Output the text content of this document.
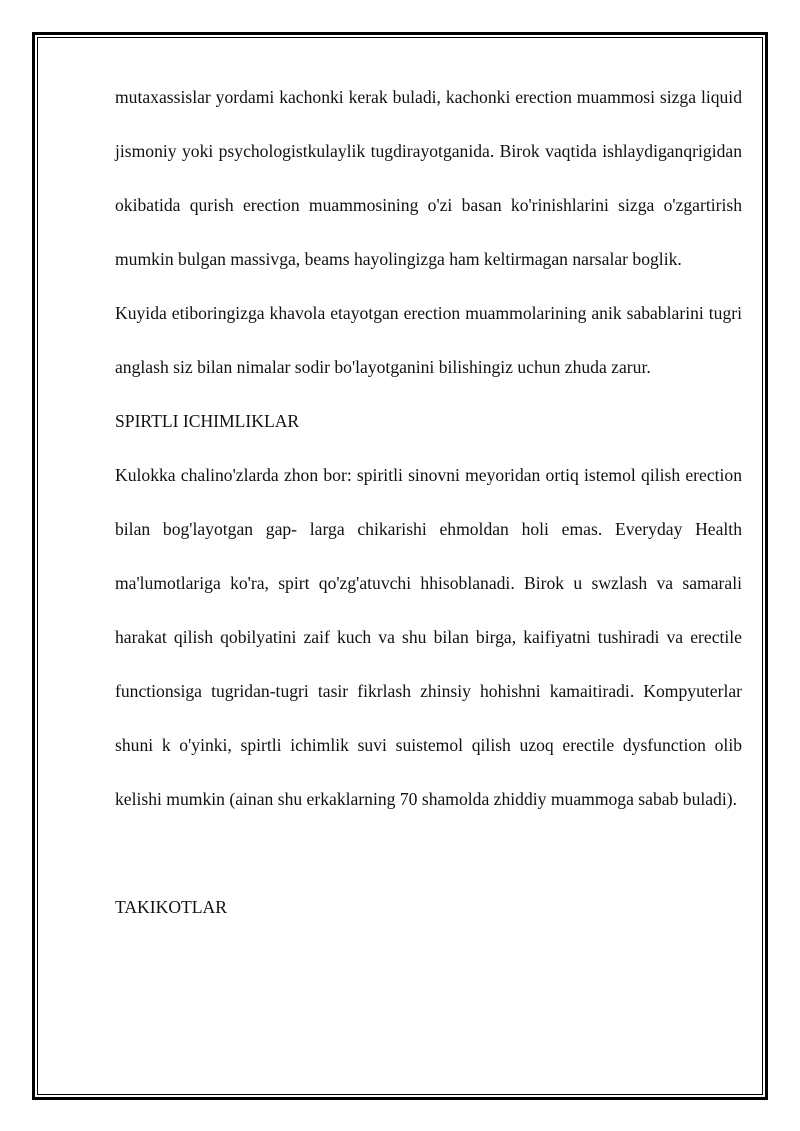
mutaxassislar yordami kachonki kerak buladi, kachonki erection muammosi sizga liquid jismoniy yoki psychologistkulaylik tugdirayotganida. Birok vaqtida ishlaydiganqrigidan okibatida qurish erection muammosining o'zi basan ko'rinishlarini sizga o'zgartirish mumkin bulgan massivga, beams hayolingizga ham keltirmagan narsalar boglik.

Kuyida etiboringizga khavola etayotgan erection muammolarining anik sabablarini tugri anglash siz bilan nimalar sodir bo'layotganini bilishingiz uchun zhuda zarur.

SPIRTLI ICHIMLIKLAR

Kulokka chalino'zlarda zhon bor: spiritli sinovni meyoridan ortiq istemol qilish erection bilan bog'layotgan gap- larga chikarishi ehmoldan holi emas. Everyday Health ma'lumotlariga ko'ra, spirt qo'zg'atuvchi hhisoblanadi. Birok u swzlash va samarali harakat qilish qobilyatini zaif kuch va shu bilan birga, kaifiyatni tushiradi va erectile functionsiga tugridan-tugri tasir fikrlash zhinsiy hohishni kamaitiradi. Kompyuterlar shuni k o'yinki, spirtli ichimlik suvi suistemol qilish uzoq erectile dysfunction olib kelishi mumkin (ainan shu erkaklarning 70 shamolda zhiddiy muammoga sabab buladi).

TAKIKOTLAR
